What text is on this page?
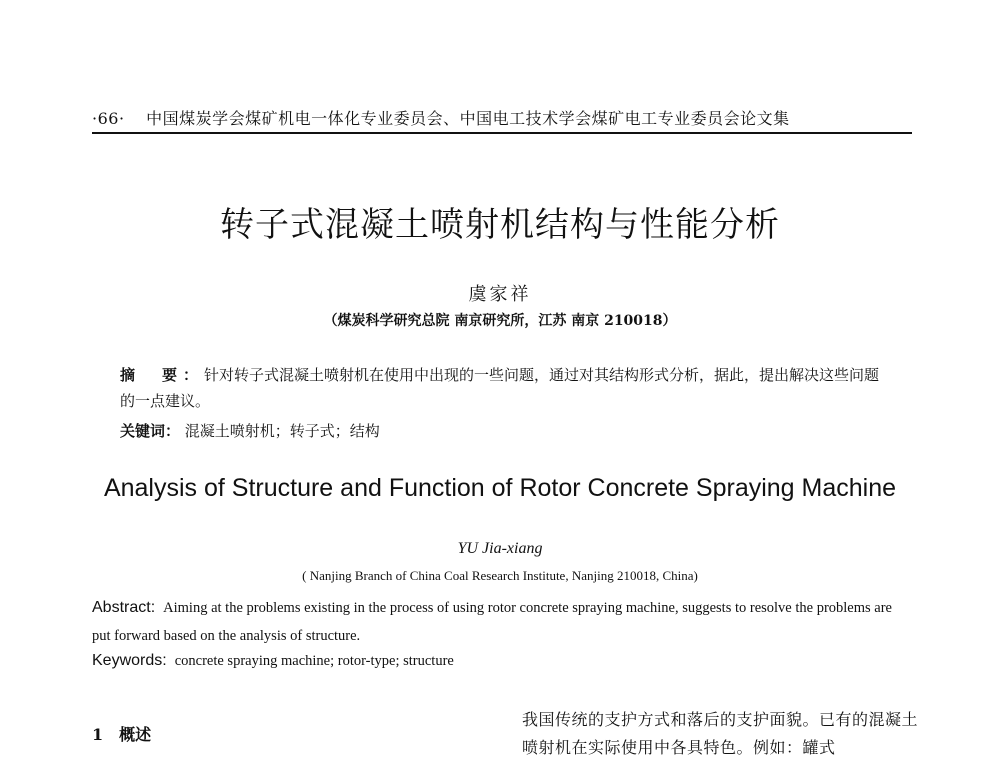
·66· 中国煤炭学会煤矿机电一体化专业委员会、中国电工技术学会煤矿电工专业委员会论文集
转子式混凝土喷射机结构与性能分析
虞家祥
（煤炭科学研究总院 南京研究所，江苏 南京 210018）
摘　要：针对转子式混凝土喷射机在使用中出现的一些问题，通过对其结构形式分析，据此，提出解决这些问题的一点建议。
关键词： 混凝土喷射机；转子式；结构
Analysis of Structure and Function of Rotor Concrete Spraying Machine
YU Jia-xiang
( Nanjing Branch of China Coal Research Institute, Nanjing 210018, China)
Abstract: Aiming at the problems existing in the process of using rotor concrete spraying machine, suggests to resolve the problems are put forward based on the analysis of structure.
Keywords: concrete spraying machine; rotor-type; structure
1 概述
我国传统的支护方式和落后的支护面貌。已有的混凝土喷射机在实际使用中各具特色。例如：罐式
